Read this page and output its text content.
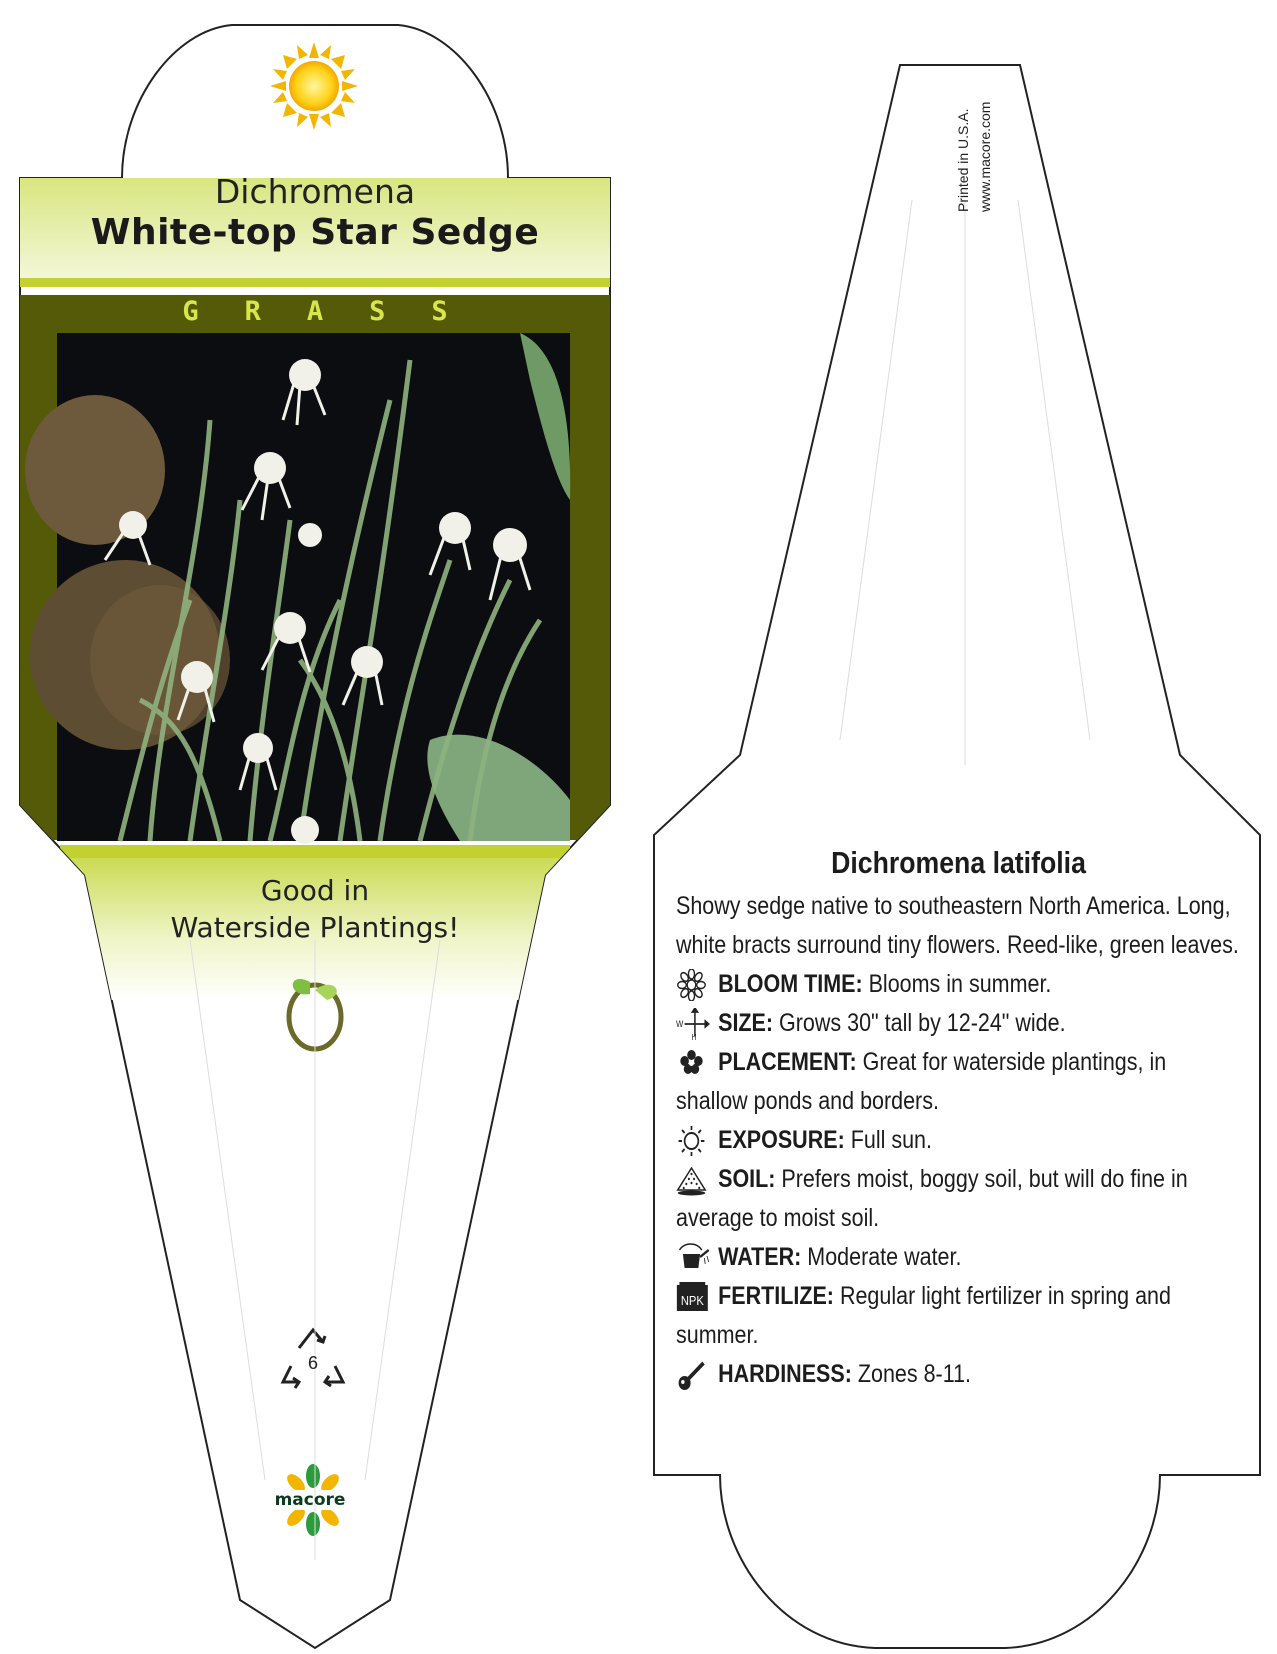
Dichromena
White-top Star Sedge
GRASS
Good in
Waterside Plantings!
6
macore
Printed in U.S.A. www.macore.com
Dichromena latifolia
Showy sedge native to southeastern North America. Long, white bracts surround tiny flowers. Reed-like, green leaves.
BLOOM TIME: Blooms in summer.
W
H
SIZE: Grows 30" tall by 12-24" wide.
PLACEMENT: Great for waterside plantings, in shallow ponds and borders.
EXPOSURE: Full sun.
SOIL: Prefers moist, boggy soil, but will do fine in average to moist soil.
WATER: Moderate water.
NPK FERTILIZE: Regular light fertilizer in spring and summer.
HARDINESS: Zones 8-11.
